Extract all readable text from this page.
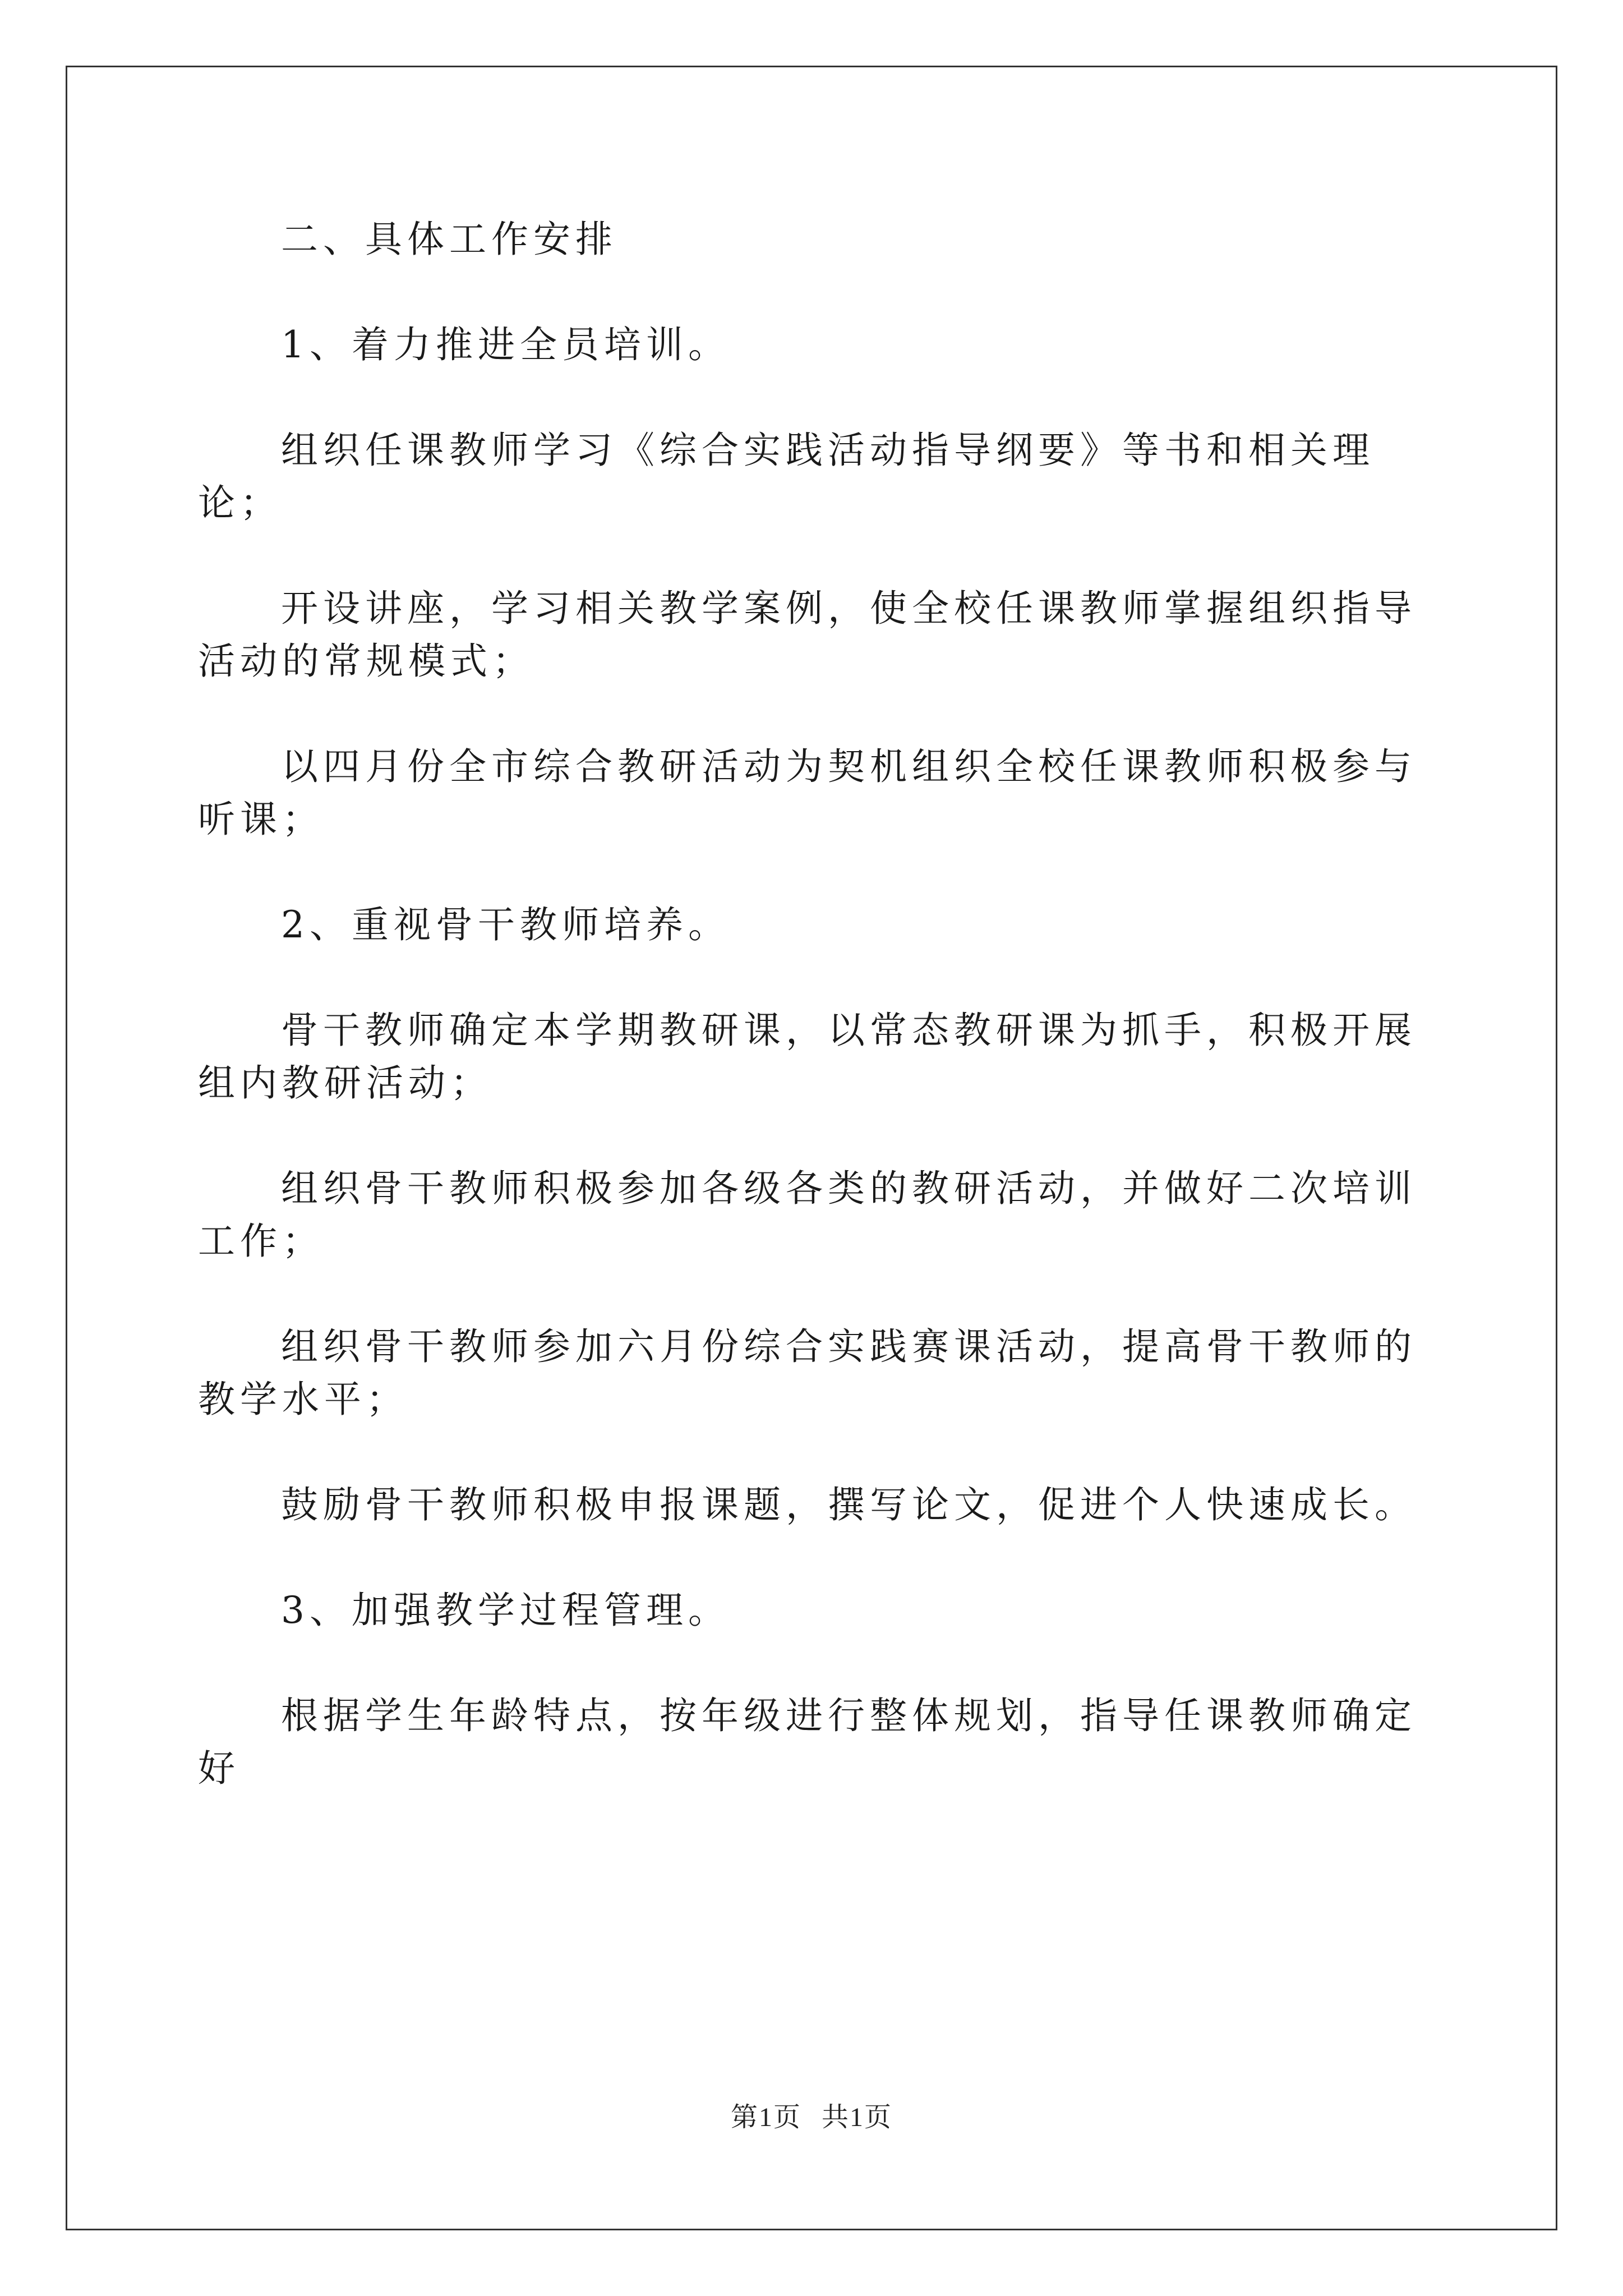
二、具体工作安排

1、着力推进全员培训。

组织任课教师学习《综合实践活动指导纲要》等书和相关理论；

开设讲座，学习相关教学案例，使全校任课教师掌握组织指导活动的常规模式；

以四月份全市综合教研活动为契机组织全校任课教师积极参与听课；

2、重视骨干教师培养。

骨干教师确定本学期教研课，以常态教研课为抓手，积极开展组内教研活动；

组织骨干教师积极参加各级各类的教研活动，并做好二次培训工作；

组织骨干教师参加六月份综合实践赛课活动，提高骨干教师的教学水平；

鼓励骨干教师积极申报课题，撰写论文，促进个人快速成长。

3、加强教学过程管理。

根据学生年龄特点，按年级进行整体规划，指导任课教师确定好

第1页 共1页
